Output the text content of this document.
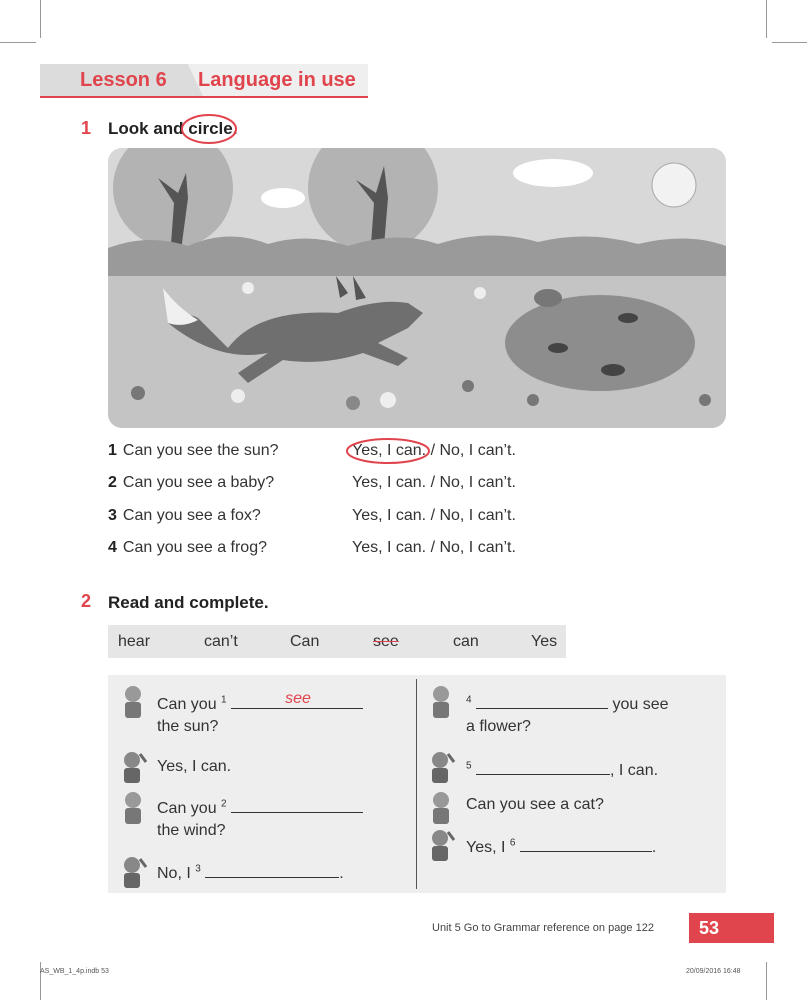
Lesson 6 Language in use
1 Look and circle.
1 Can you see the sun?	Yes, I can. / No, I can’t.
2 Can you see a baby?	Yes, I can. / No, I can’t.
3 Can you see a fox?	Yes, I can. / No, I can’t.
4 Can you see a frog?	Yes, I can. / No, I can’t.
2 Read and complete.
hear	can’t	Can	see	can	Yes
Can you $^1$	see
the sun?
Yes, I can.
Can you $^2$
the wind?
No, I $^3$	.
$^4$	you see
a flower?
$^5$	, I can.
Can you see a cat?
Yes, I $^6$	.
Unit 5 Go to Grammar reference on page 122	53
AS_WB_1_4p.indb 53	20/09/2016 16:48
